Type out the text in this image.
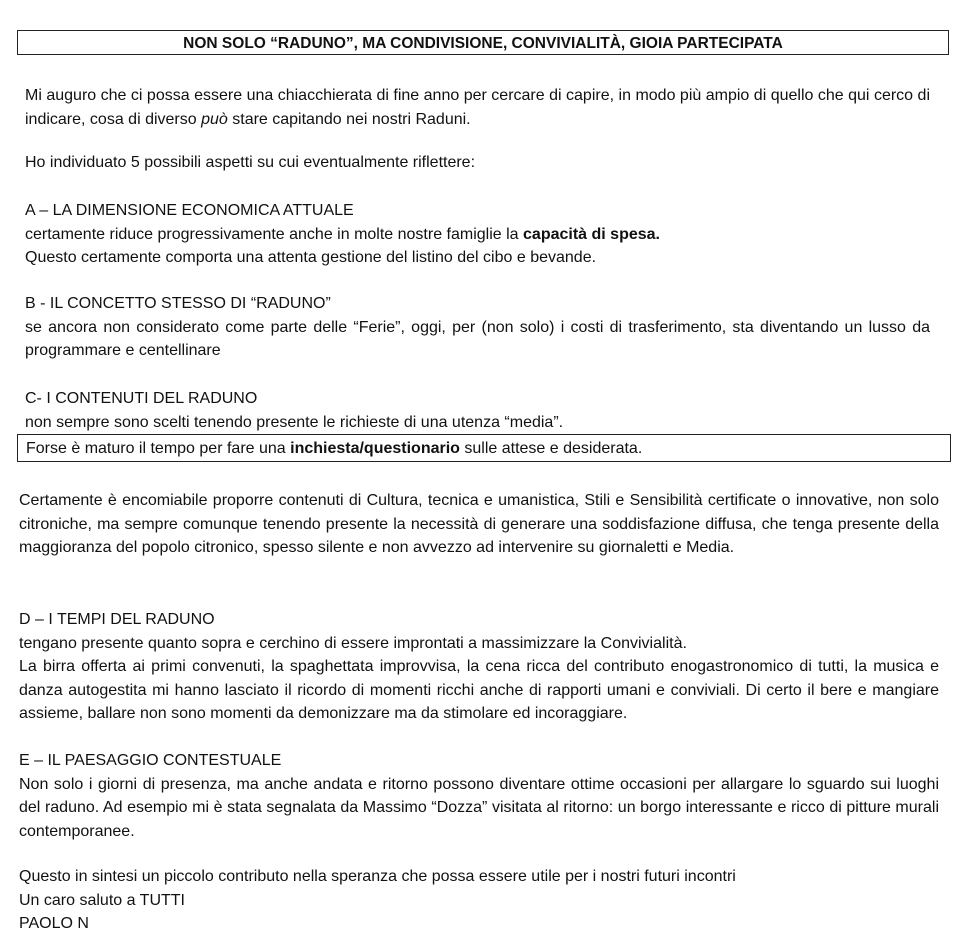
NON SOLO “RADUNO”, MA CONDIVISIONE, CONVIVIALITÀ, GIOIA PARTECIPATA

Mi auguro che ci possa essere una chiacchierata di fine anno per cercare di capire, in modo più ampio di quello che qui cerco di indicare, cosa di diverso può stare capitando nei nostri Raduni.

Ho individuato 5 possibili aspetti su cui eventualmente riflettere:

A – LA DIMENSIONE ECONOMICA ATTUALE
certamente riduce progressivamente anche in molte nostre famiglie la capacità di spesa.
Questo certamente comporta una attenta gestione del listino del cibo e bevande.
B - IL CONCETTO STESSO DI “RADUNO”
se ancora non considerato come parte delle “Ferie”, oggi, per (non solo) i costi di trasferimento, sta diventando un lusso da programmare e centellinare
C- I CONTENUTI DEL RADUNO
non sempre sono scelti tenendo presente le richieste di una utenza “media”.
Forse è maturo il tempo per fare una inchiesta/questionario sulle attese e desiderata.

Certamente è encomiabile proporre contenuti di Cultura, tecnica e umanistica, Stili e Sensibilità certificate o innovative, non solo citroniche, ma sempre comunque tenendo presente la necessità di generare una soddisfazione diffusa, che tenga presente della maggioranza del popolo citronico, spesso silente e non avvezzo ad intervenire su giornaletti e Media.

D – I TEMPI DEL RADUNO
tengano presente quanto sopra e cerchino di essere improntati a massimizzare la Convivialità.
La birra offerta ai primi convenuti, la spaghettata improvvisa, la cena ricca del contributo enogastronomico di tutti, la musica e danza autogestita mi hanno lasciato il ricordo di momenti ricchi anche di rapporti umani e conviviali. Di certo il bere e mangiare assieme, ballare non sono momenti da demonizzare ma da stimolare ed incoraggiare.
E – IL PAESAGGIO CONTESTUALE
Non solo i giorni di presenza, ma anche andata e ritorno possono diventare ottime occasioni per allargare lo sguardo sui luoghi del raduno. Ad esempio mi è stata segnalata da Massimo “Dozza” visitata al ritorno: un borgo interessante e ricco di pitture murali contemporanee.
Questo in sintesi un piccolo contributo nella speranza che possa essere utile per i nostri futuri incontri
Un caro saluto a TUTTI
PAOLO N
